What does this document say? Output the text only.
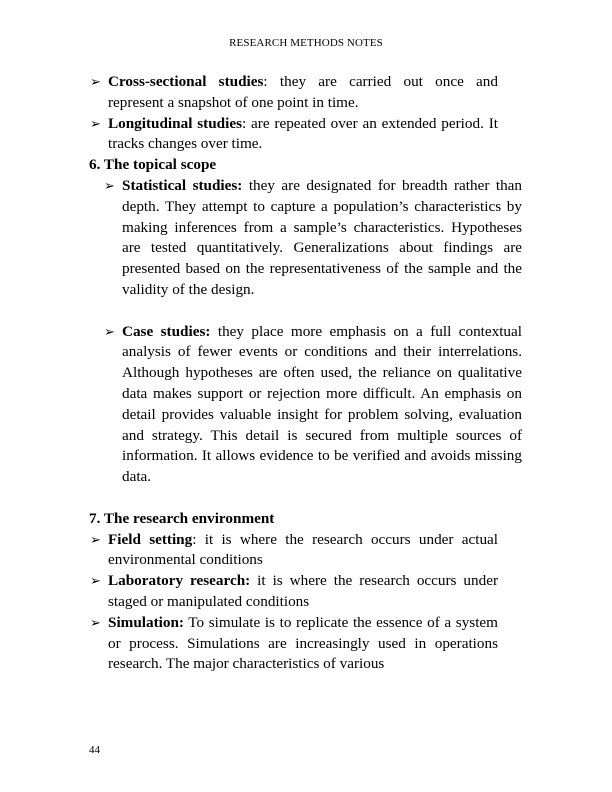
RESEARCH METHODS NOTES

➢ Cross-sectional studies: they are carried out once and represent a snapshot of one point in time.

➢ Longitudinal studies: are repeated over an extended period. It tracks changes over time.

6. The topical scope

➢ Statistical studies: they are designated for breadth rather than depth. They attempt to capture a population’s characteristics by making inferences from a sample’s characteristics. Hypotheses are tested quantitatively. Generalizations about findings are presented based on the representativeness of the sample and the validity of the design.

➢ Case studies: they place more emphasis on a full contextual analysis of fewer events or conditions and their interrelations. Although hypotheses are often used, the reliance on qualitative data makes support or rejection more difficult. An emphasis on detail provides valuable insight for problem solving, evaluation and strategy. This detail is secured from multiple sources of information. It allows evidence to be verified and avoids missing data.

7. The research environment

➢ Field setting: it is where the research occurs under actual environmental conditions

➢ Laboratory research: it is where the research occurs under staged or manipulated conditions

➢ Simulation: To simulate is to replicate the essence of a system or process. Simulations are increasingly used in operations research. The major characteristics of various

44
